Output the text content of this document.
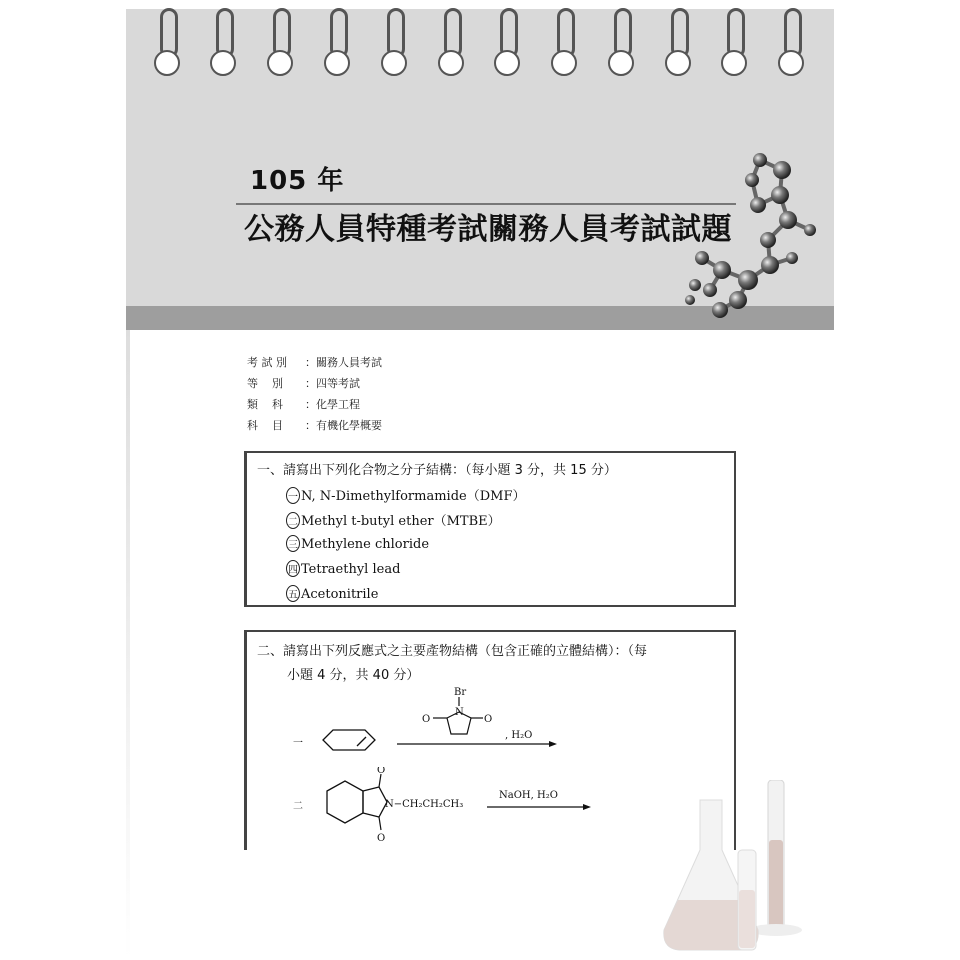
105 年
公務人員特種考試關務人員考試試題
考 試 別 ：關務人員考試
等    別 ：四等考試
類    科 ：化學工程
科    目 ：有機化學概要
一、請寫出下列化合物之分子結構：（每小題 3 分，共 15 分）
一 N, N-Dimethylformamide（DMF）
二 Methyl t-butyl ether（MTBE）
三 Methylene chloride
四 Tetraethyl lead
五 Acetonitrile
二、請寫出下列反應式之主要產物結構（包含正確的立體結構）：（每
小題 4 分，共 40 分）
一
Br
N
O	O
, H₂O
二
O
O
N−CH₂CH₂CH₃
NaOH, H₂O
